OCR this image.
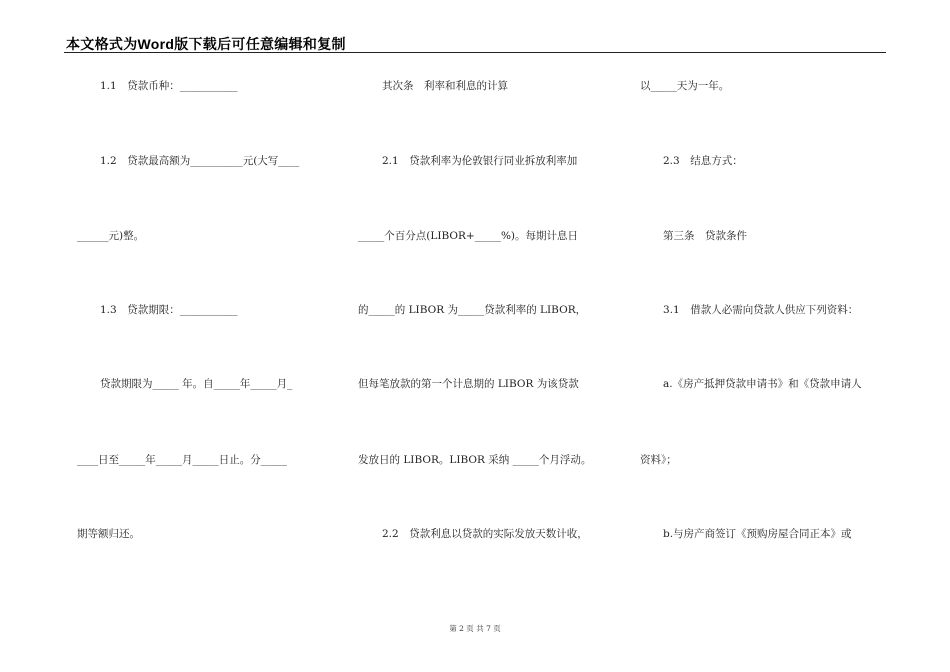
本文格式为Word版下载后可任意编辑和复制
1.1　贷款币种：___________
1.2　贷款最高额为__________元(大写____
______元)整。
1.3　贷款期限：___________
贷款期限为_____ 年。自_____年_____月_
____日至_____年_____月_____日止。分_____
期等额归还。
其次条　利率和利息的计算
2.1　贷款利率为伦敦银行同业拆放利率加
_____个百分点(LIBOR+_____%)。每期计息日
的_____的 LIBOR 为_____贷款利率的 LIBOR，
但每笔放款的第一个计息期的 LIBOR 为该贷款
发放日的 LIBOR。LIBOR 采纳 _____个月浮动。
2.2　贷款利息以贷款的实际发放天数计收，
以_____天为一年。
2.3　结息方式：
第三条　贷款条件
3.1　借款人必需向贷款人供应下列资料：
a.《房产抵押贷款申请书》和《贷款申请人
资料》；
b.与房产商签订《预购房屋合同正本》或
第 2 页 共 7 页
